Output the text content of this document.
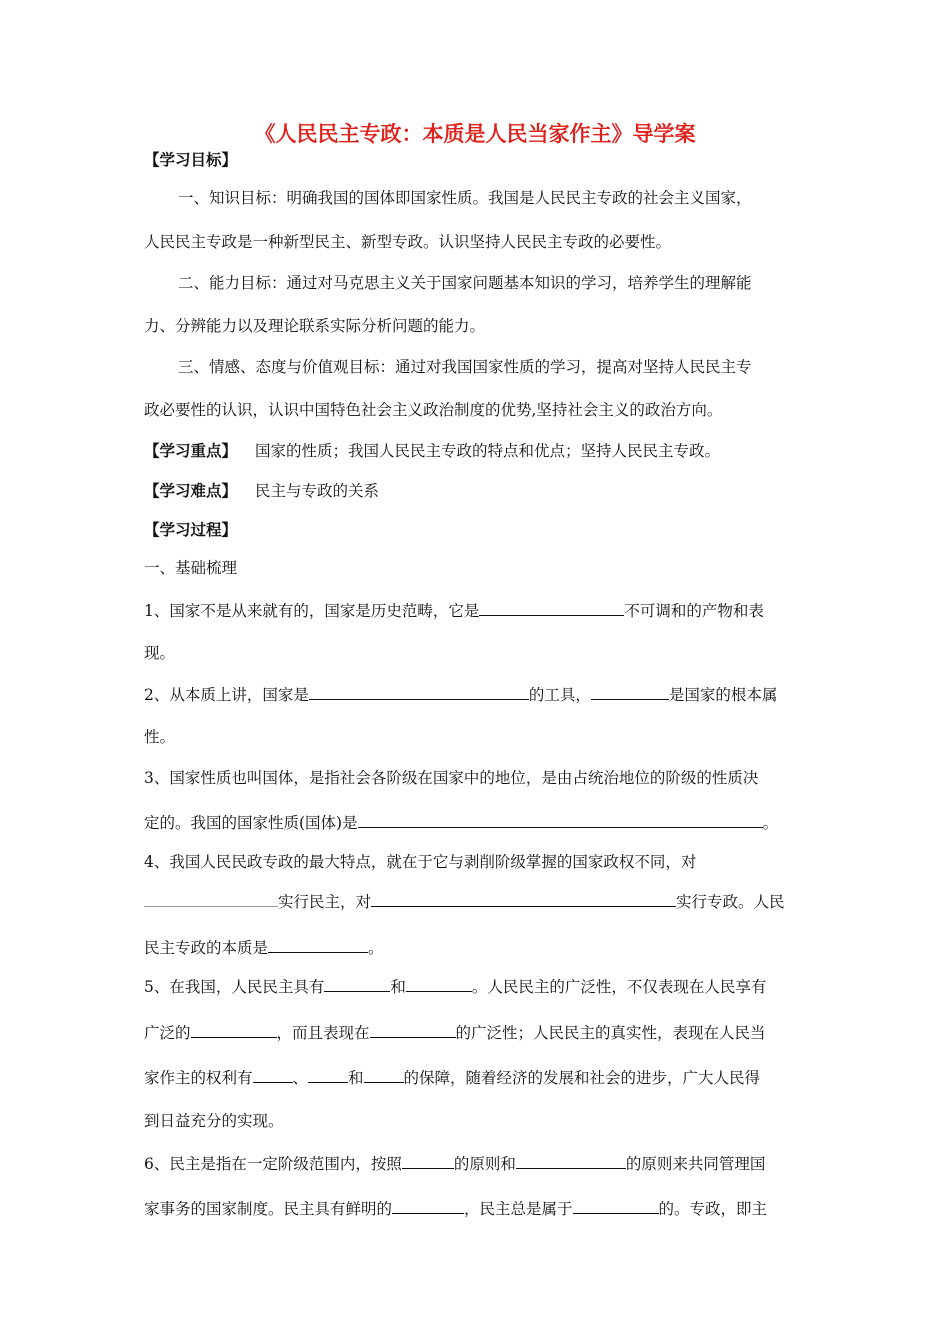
《人民民主专政：本质是人民当家作主》导学案
【学习目标】
一、知识目标：明确我国的国体即国家性质。我国是人民民主专政的社会主义国家，
人民民主专政是一种新型民主、新型专政。认识坚持人民民主专政的必要性。
二、能力目标：通过对马克思主义关于国家问题基本知识的学习，培养学生的理解能
力、分辨能力以及理论联系实际分析问题的能力。
三、情感、态度与价值观目标：通过对我国国家性质的学习，提高对坚持人民民主专
政必要性的认识，认识中国特色社会主义政治制度的优势,坚持社会主义的政治方向。
【学习重点】 国家的性质；我国人民民主专政的特点和优点；坚持人民民主专政。
【学习难点】 民主与专政的关系
【学习过程】
一、基础梳理
1、国家不是从来就有的，国家是历史范畴，它是	不可调和的产物和表
现。
2、从本质上讲，国家是	的工具，	是国家的根本属
性。
3、国家性质也叫国体，是指社会各阶级在国家中的地位，是由占统治地位的阶级的性质决
定的。我国的国家性质(国体)是	。
4、我国人民民政专政的最大特点，就在于它与剥削阶级掌握的国家政权不同，对
实行民主，对	实行专政。人民
民主专政的本质是	。
5、在我国，人民民主具有	和	。人民民主的广泛性，不仅表现在人民享有
广泛的	，而且表现在	的广泛性；人民民主的真实性，表现在人民当
家作主的权利有	、	和	的保障，随着经济的发展和社会的进步，广大人民得
到日益充分的实现。
6、民主是指在一定阶级范围内，按照	的原则和	的原则来共同管理国
家事务的国家制度。民主具有鲜明的	，民主总是属于	的。专政，即主
